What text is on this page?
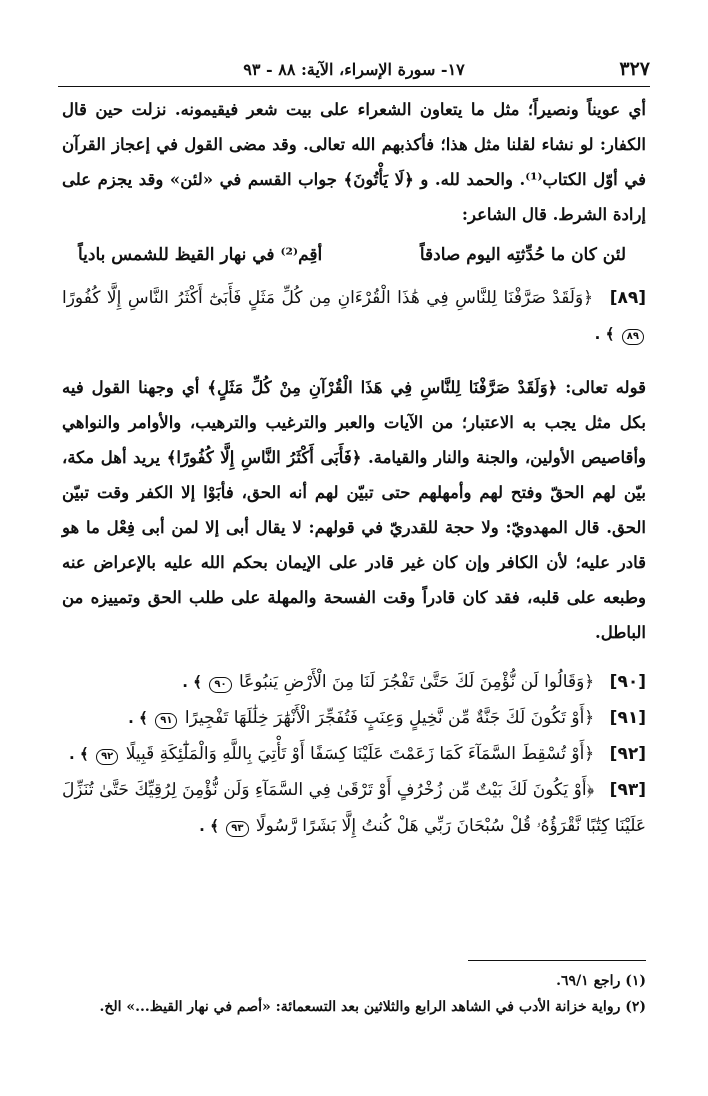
٣٢٧
١٧- سورة الإسراء، الآية: ٨٨ - ٩٣

أي عويناً ونصيراً؛ مثل ما يتعاون الشعراء على بيت شعر فيقيمونه. نزلت حين قال الكفار: لو نشاء لقلنا مثل هذا؛ فأكذبهم الله تعالى. وقد مضى القول في إعجاز القرآن في أوّل الكتاب⁽¹⁾. والحمد لله. و ﴿لَا يَأْتُونَ﴾ جواب القسم في «لئن» وقد يجزم على إرادة الشرط. قال الشاعر:

لئن كان ما حُدِّثتِه اليوم صادقاً
أقِم⁽²⁾ في نهار القيظ للشمس بادياً

[٨٩] ﴿وَلَقَدْ صَرَّفْنَا لِلنَّاسِ فِي هَٰذَا الْقُرْءَانِ مِن كُلِّ مَثَلٍ فَأَبَىٰٓ أَكْثَرُ النَّاسِ إِلَّا كُفُورًا ٨٩ ﴾ .

قوله تعالى: ﴿وَلَقَدْ صَرَّفْنَا لِلنَّاسِ فِي هَذَا الْقُرْآنِ مِنْ كُلِّ مَثَلٍ﴾ أي وجهنا القول فيه بكل مثل يجب به الاعتبار؛ من الآيات والعبر والترغيب والترهيب، والأوامر والنواهي وأقاصيص الأولين، والجنة والنار والقيامة. ﴿فَأَبَى أَكْثَرُ النَّاسِ إِلَّا كُفُورًا﴾ يريد أهل مكة، بيّن لهم الحقّ وفتح لهم وأمهلهم حتى تبيّن لهم أنه الحق، فأبَوْا إلا الكفر وقت تبيّن الحق. قال المهدويّ: ولا حجة للقدريّ في قولهم: لا يقال أبى إلا لمن أبى فِعْل ما هو قادر عليه؛ لأن الكافر وإن كان غير قادر على الإيمان بحكم الله عليه بالإعراض عنه وطبعه على قلبه، فقد كان قادراً وقت الفسحة والمهلة على طلب الحق وتمييزه من الباطل.

[٩٠] ﴿وَقَالُوا لَن نُّؤْمِنَ لَكَ حَتَّىٰ تَفْجُرَ لَنَا مِنَ الْأَرْضِ يَنبُوعًا ٩٠ ﴾ .

[٩١] ﴿أَوْ تَكُونَ لَكَ جَنَّةٌ مِّن نَّخِيلٍ وَعِنَبٍ فَتُفَجِّرَ الْأَنْهَٰرَ خِلَٰلَهَا تَفْجِيرًا ٩١ ﴾ .

[٩٢] ﴿أَوْ تُسْقِطَ السَّمَآءَ كَمَا زَعَمْتَ عَلَيْنَا كِسَفًا أَوْ تَأْتِيَ بِاللَّهِ وَالْمَلَٰٓئِكَةِ قَبِيلًا ٩٢ ﴾ .

[٩٣] ﴿أَوْ يَكُونَ لَكَ بَيْتٌ مِّن زُخْرُفٍ أَوْ تَرْقَىٰ فِي السَّمَآءِ وَلَن نُّؤْمِنَ لِرُقِيِّكَ حَتَّىٰ تُنَزِّلَ عَلَيْنَا كِتَٰبًا نَّقْرَؤُهُۥ قُلْ سُبْحَانَ رَبِّي هَلْ كُنتُ إِلَّا بَشَرًا رَّسُولًا ٩٣ ﴾ .

(١) راجع ٦٩/١.
(٢) رواية خزانة الأدب في الشاهد الرابع والثلاثين بعد التسعمائة: «أصم في نهار القيظ...» الخ.
